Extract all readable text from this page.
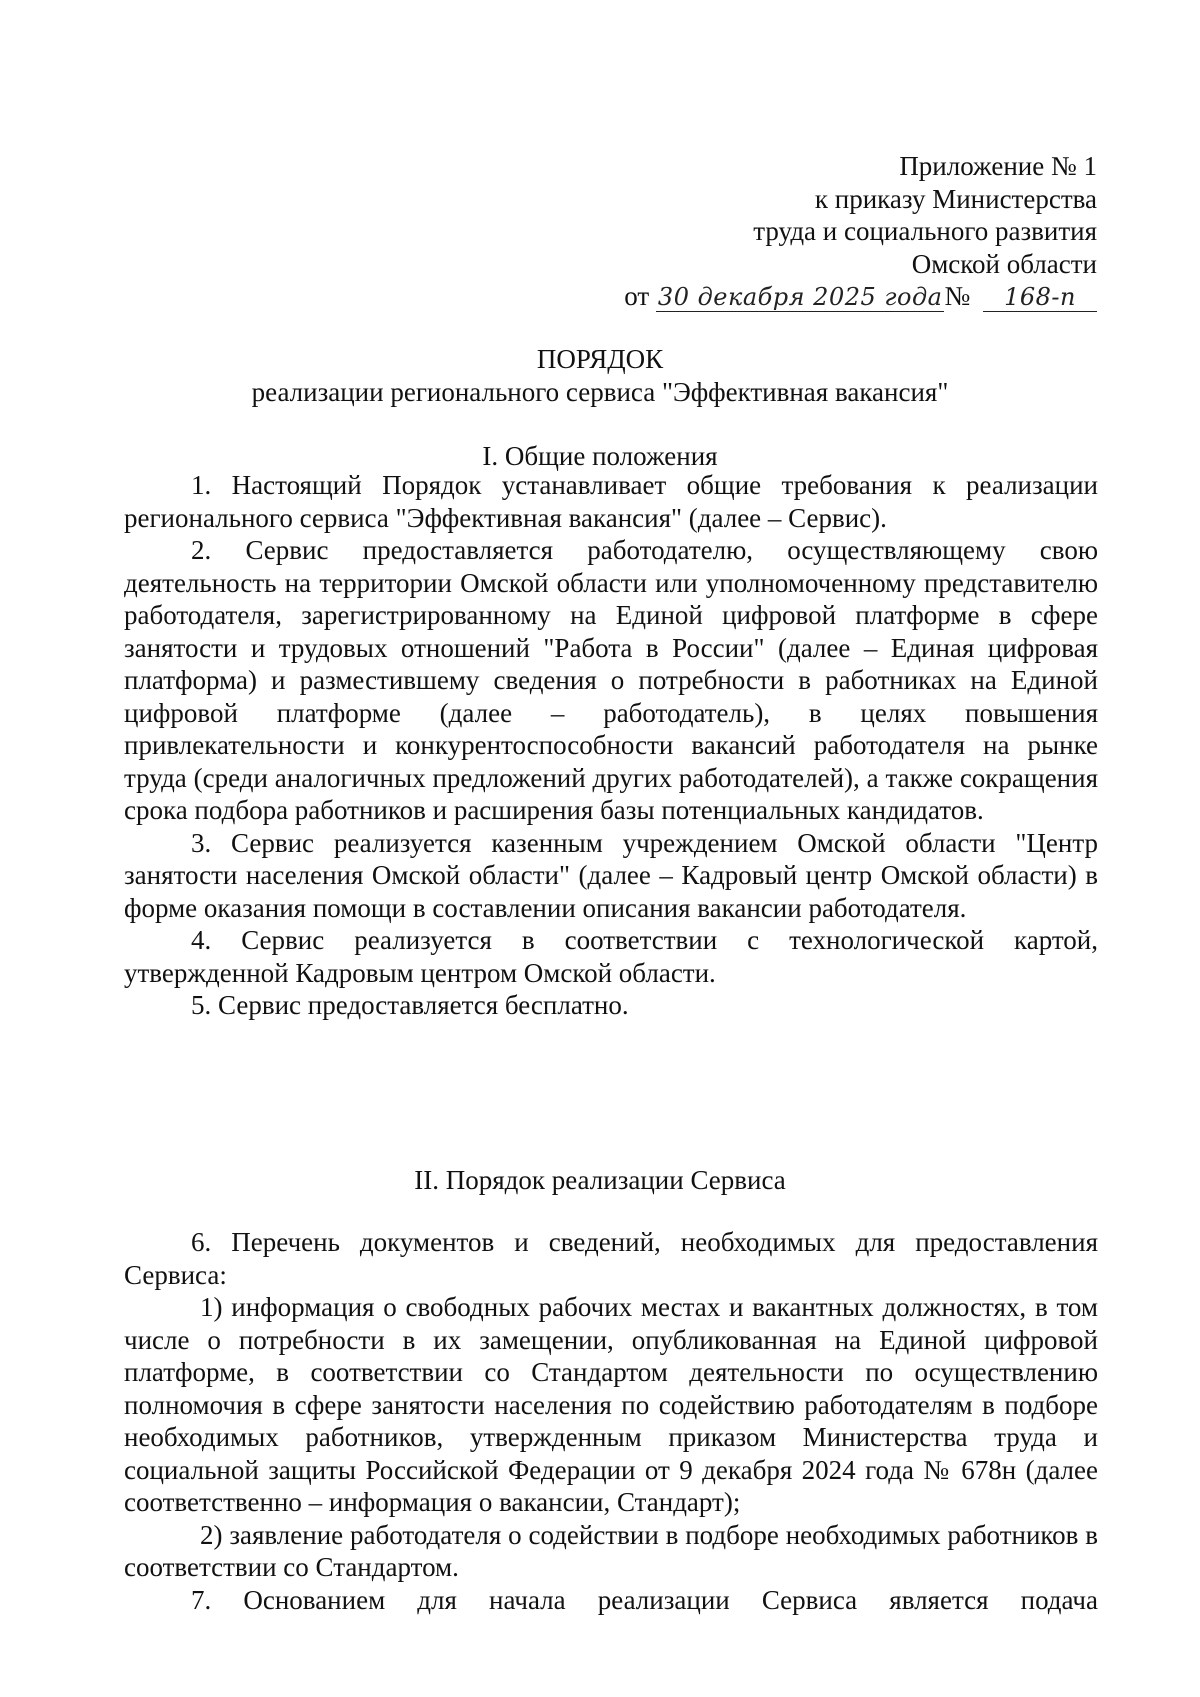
Приложение № 1
к приказу Министерства
труда и социального развития
Омской области
от 30 декабря 2025 года№ 168-п
ПОРЯДОК
реализации регионального сервиса "Эффективная вакансия"
I. Общие положения

1. Настоящий Порядок устанавливает общие требования к реализации регионального сервиса "Эффективная вакансия" (далее – Сервис).

2. Сервис предоставляется работодателю, осуществляющему свою деятельность на территории Омской области или уполномоченному представителю работодателя, зарегистрированному на Единой цифровой платформе в сфере занятости и трудовых отношений "Работа в России" (далее – Единая цифровая платформа) и разместившему сведения о потребности в работниках на Единой цифровой платформе (далее – работодатель), в целях повышения привлекательности и конкурентоспособности вакансий работодателя на рынке труда (среди аналогичных предложений других работодателей), а также сокращения срока подбора работников и расширения базы потенциальных кандидатов.

3. Сервис реализуется казенным учреждением Омской области "Центр занятости населения Омской области" (далее – Кадровый центр Омской области) в форме оказания помощи в составлении описания вакансии работодателя.

4. Сервис реализуется в соответствии с технологической картой, утвержденной Кадровым центром Омской области.

5. Сервис предоставляется бесплатно.

II. Порядок реализации Сервиса

6. Перечень документов и сведений, необходимых для предоставления Сервиса:

1) информация о свободных рабочих местах и вакантных должностях, в том числе о потребности в их замещении, опубликованная на Единой цифровой платформе, в соответствии со Стандартом деятельности по осуществлению полномочия в сфере занятости населения по содействию работодателям в подборе необходимых работников, утвержденным приказом Министерства труда и социальной защиты Российской Федерации от 9 декабря 2024 года № 678н (далее соответственно – информация о вакансии, Стандарт);

2) заявление работодателя о содействии в подборе необходимых работников в соответствии со Стандартом.

7. Основанием для начала реализации Сервиса является подача
